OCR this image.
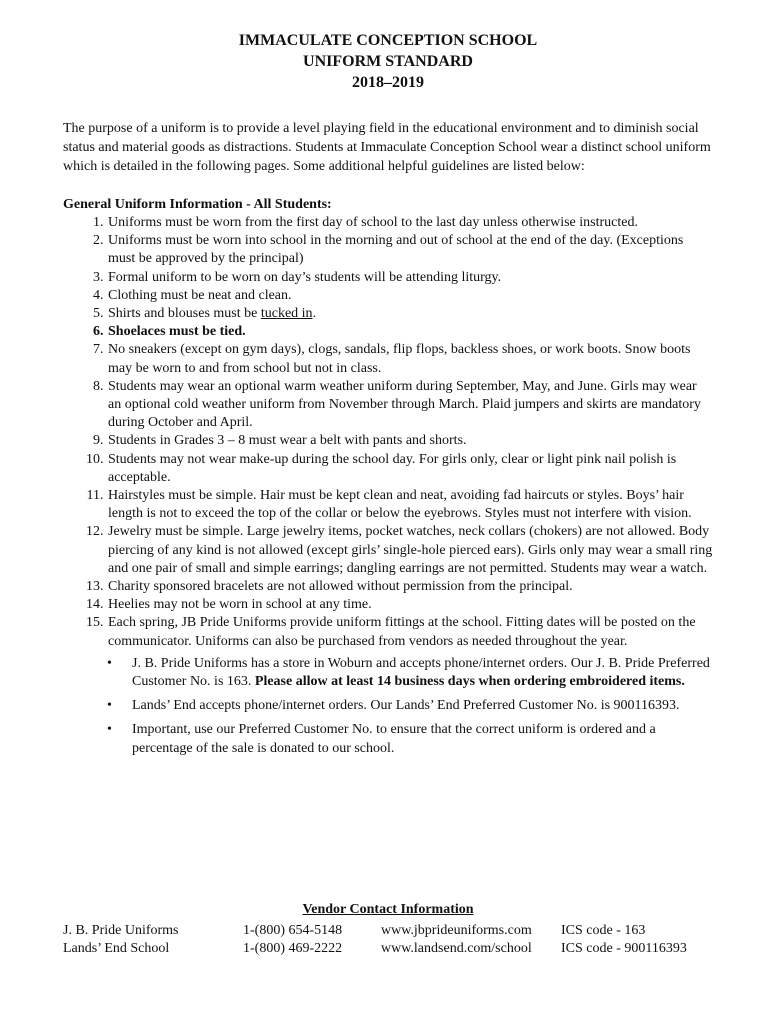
IMMACULATE CONCEPTION SCHOOL
UNIFORM STANDARD
2018–2019

The purpose of a uniform is to provide a level playing field in the educational environment and to diminish social status and material goods as distractions. Students at Immaculate Conception School wear a distinct school uniform which is detailed in the following pages. Some additional helpful guidelines are listed below:

General Uniform Information - All Students:
1. Uniforms must be worn from the first day of school to the last day unless otherwise instructed.
2. Uniforms must be worn into school in the morning and out of school at the end of the day. (Exceptions must be approved by the principal)
3. Formal uniform to be worn on day’s students will be attending liturgy.
4. Clothing must be neat and clean.
5. Shirts and blouses must be tucked in.
6. Shoelaces must be tied.
7. No sneakers (except on gym days), clogs, sandals, flip flops, backless shoes, or work boots. Snow boots may be worn to and from school but not in class.
8. Students may wear an optional warm weather uniform during September, May, and June. Girls may wear an optional cold weather uniform from November through March. Plaid jumpers and skirts are mandatory during October and April.
9. Students in Grades 3 – 8 must wear a belt with pants and shorts.
10. Students may not wear make-up during the school day. For girls only, clear or light pink nail polish is acceptable.
11. Hairstyles must be simple. Hair must be kept clean and neat, avoiding fad haircuts or styles. Boys’ hair length is not to exceed the top of the collar or below the eyebrows. Styles must not interfere with vision.
12. Jewelry must be simple. Large jewelry items, pocket watches, neck collars (chokers) are not allowed. Body piercing of any kind is not allowed (except girls’ single-hole pierced ears). Girls only may wear a small ring and one pair of small and simple earrings; dangling earrings are not permitted. Students may wear a watch.
13. Charity sponsored bracelets are not allowed without permission from the principal.
14. Heelies may not be worn in school at any time.
15. Each spring, JB Pride Uniforms provide uniform fittings at the school. Fitting dates will be posted on the communicator. Uniforms can also be purchased from vendors as needed throughout the year.
• J. B. Pride Uniforms has a store in Woburn and accepts phone/internet orders. Our J. B. Pride Preferred Customer No. is 163. Please allow at least 14 business days when ordering embroidered items.
• Lands’ End accepts phone/internet orders. Our Lands’ End Preferred Customer No. is 900116393.
• Important, use our Preferred Customer No. to ensure that the correct uniform is ordered and a percentage of the sale is donated to our school.
Vendor Contact Information
J. B. Pride Uniforms	1-(800) 654-5148	www.jbprideuniforms.com ICS code - 163
Lands’ End School	1-(800) 469-2222	www.landsend.com/school ICS code - 900116393
